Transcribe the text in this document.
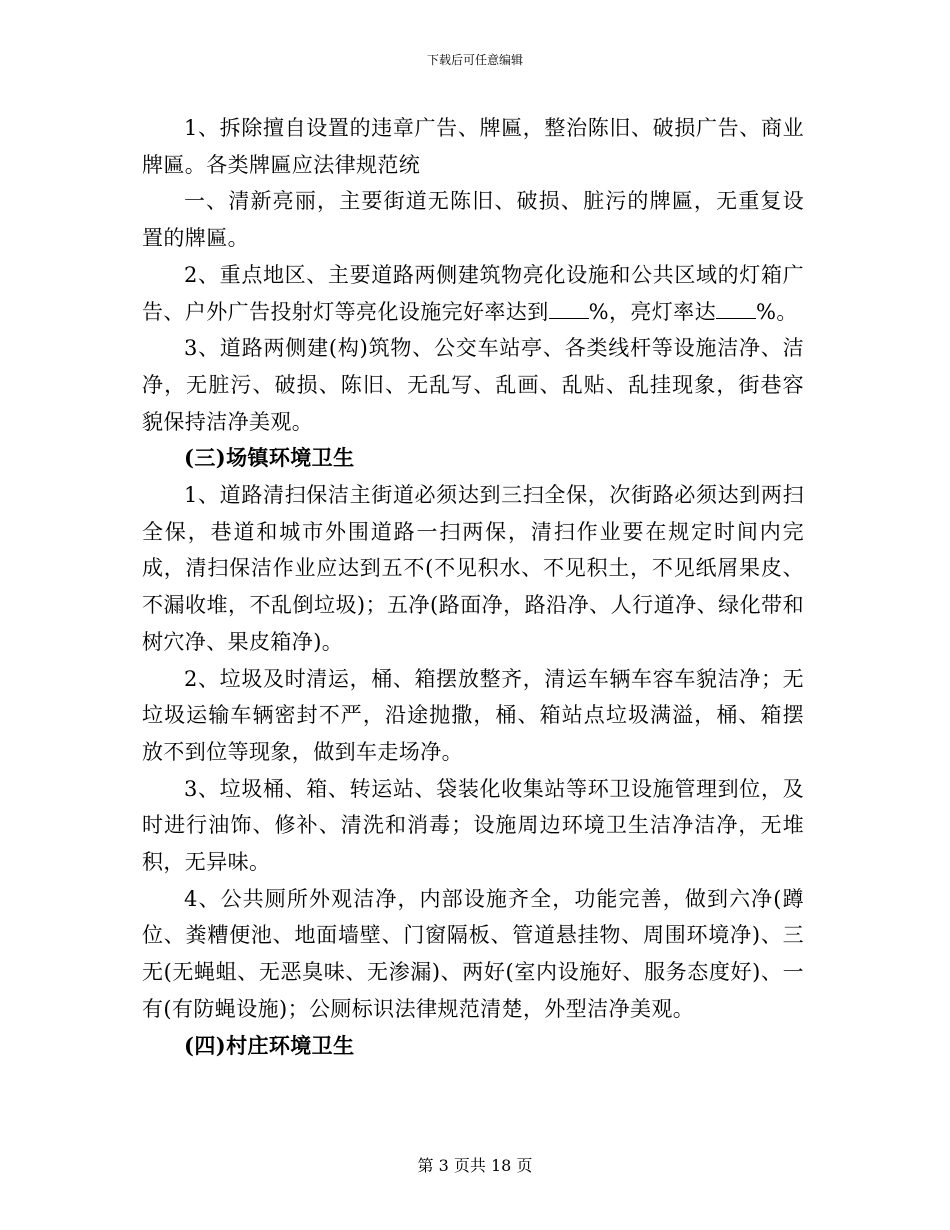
下载后可任意编辑

1、拆除擅自设置的违章广告、牌匾，整治陈旧、破损广告、商业牌匾。各类牌匾应法律规范统

一、清新亮丽，主要街道无陈旧、破损、脏污的牌匾，无重复设置的牌匾。

2、重点地区、主要道路两侧建筑物亮化设施和公共区域的灯箱广告、户外广告投射灯等亮化设施完好率达到 %，亮灯率达 %。

3、道路两侧建(构)筑物、公交车站亭、各类线杆等设施洁净、洁净，无脏污、破损、陈旧、无乱写、乱画、乱贴、乱挂现象，街巷容貌保持洁净美观。

(三)场镇环境卫生

1、道路清扫保洁主街道必须达到三扫全保，次街路必须达到两扫全保，巷道和城市外围道路一扫两保，清扫作业要在规定时间内完成，清扫保洁作业应达到五不(不见积水、不见积土，不见纸屑果皮、不漏收堆，不乱倒垃圾)；五净(路面净，路沿净、人行道净、绿化带和树穴净、果皮箱净)。

2、垃圾及时清运，桶、箱摆放整齐，清运车辆车容车貌洁净；无垃圾运输车辆密封不严，沿途抛撒，桶、箱站点垃圾满溢，桶、箱摆放不到位等现象，做到车走场净。

3、垃圾桶、箱、转运站、袋装化收集站等环卫设施管理到位，及时进行油饰、修补、清洗和消毒；设施周边环境卫生洁净洁净，无堆积，无异味。

4、公共厕所外观洁净，内部设施齐全，功能完善，做到六净(蹲位、粪糟便池、地面墙壁、门窗隔板、管道悬挂物、周围环境净)、三无(无蝇蛆、无恶臭味、无渗漏)、两好(室内设施好、服务态度好)、一有(有防蝇设施)；公厕标识法律规范清楚，外型洁净美观。

(四)村庄环境卫生

第 3 页共 18 页
